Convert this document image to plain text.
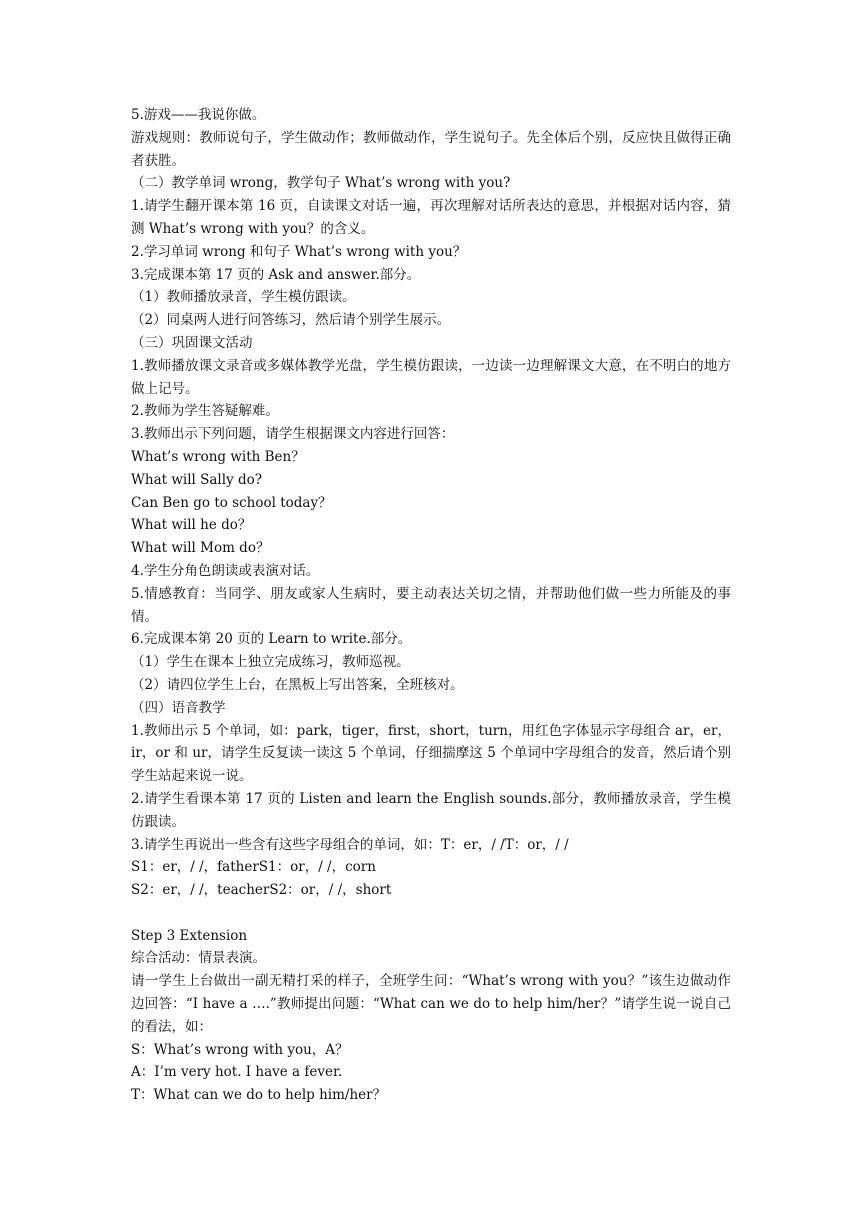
5.游戏——我说你做。

游戏规则：教师说句子，学生做动作；教师做动作，学生说句子。先全体后个别，反应快且做得正确者获胜。

（二）教学单词 wrong，教学句子 What’s wrong with you?

1.请学生翻开课本第 16 页，自读课文对话一遍，再次理解对话所表达的意思，并根据对话内容，猜测 What’s wrong with you？的含义。

2.学习单词 wrong 和句子 What’s wrong with you？

3.完成课本第 17 页的 Ask and answer.部分。

（1）教师播放录音，学生模仿跟读。

（2）同桌两人进行问答练习，然后请个别学生展示。

（三）巩固课文活动

1.教师播放课文录音或多媒体教学光盘，学生模仿跟读，一边读一边理解课文大意，在不明白的地方做上记号。

2.教师为学生答疑解难。

3.教师出示下列问题，请学生根据课文内容进行回答：

What’s wrong with Ben？

What will Sally do?

Can Ben go to school today？

What will he do？

What will Mom do？

4.学生分角色朗读或表演对话。

5.情感教育：当同学、朋友或家人生病时，要主动表达关切之情，并帮助他们做一些力所能及的事情。

6.完成课本第 20 页的 Learn to write.部分。

（1）学生在课本上独立完成练习，教师巡视。

（2）请四位学生上台，在黑板上写出答案，全班核对。

（四）语音教学

1.教师出示 5 个单词，如：park，tiger，first，short，turn，用红色字体显示字母组合 ar，er，ir，or 和 ur，请学生反复读一读这 5 个单词，仔细揣摩这 5 个单词中字母组合的发音，然后请个别学生站起来说一说。

2.请学生看课本第 17 页的 Listen and learn the English sounds.部分，教师播放录音，学生模仿跟读。

3.请学生再说出一些含有这些字母组合的单词，如：T：er，/ /T：or，/ /

S1：er，/ /，fatherS1：or，/ /，corn

S2：er，/ /，teacherS2：or，/ /，short

Step 3 Extension

综合活动：情景表演。

请一学生上台做出一副无精打采的样子，全班学生问：“What’s wrong with you？”该生边做动作边回答：“I have a ….”教师提出问题：“What can we do to help him/her？”请学生说一说自己的看法，如：

S：What’s wrong with you，A？

A：I’m very hot. I have a fever.

T：What can we do to help him/her？
